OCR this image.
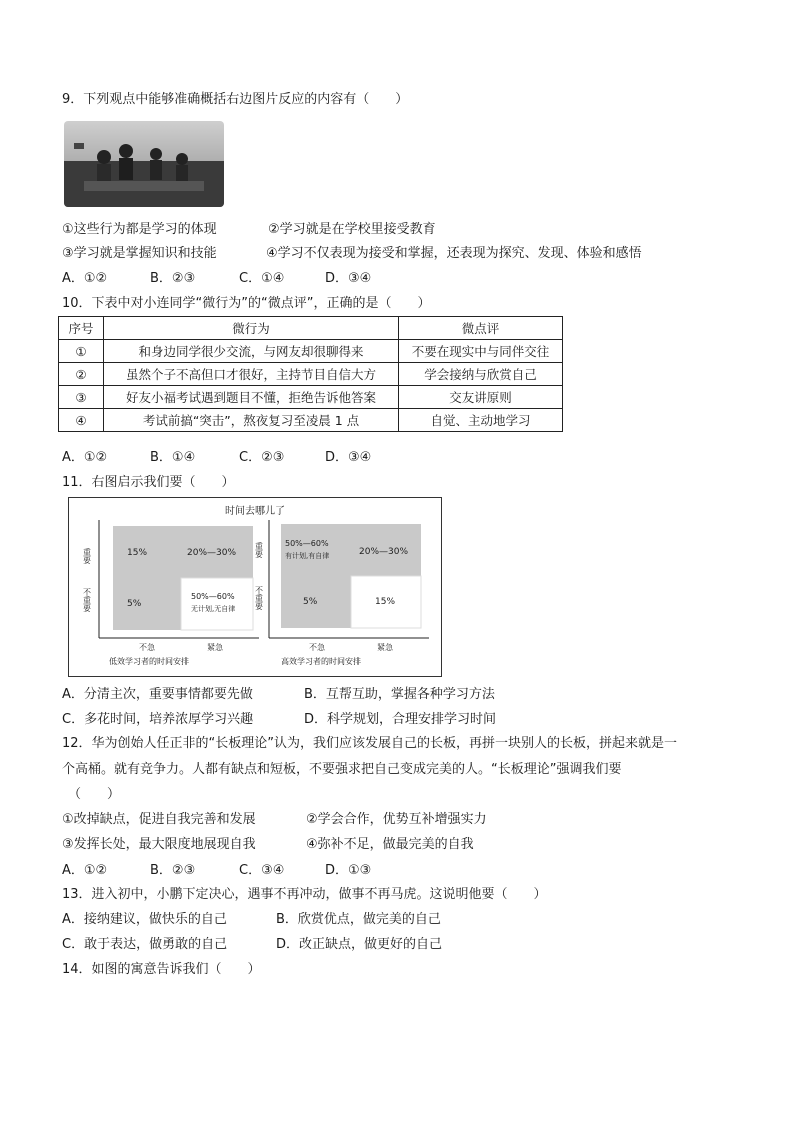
9．下列观点中能够准确概括右边图片反应的内容有（　　）
①这些行为都是学习的体现	②学习就是在学校里接受教育
③学习就是掌握知识和技能	④学习不仅表现为接受和掌握，还表现为探究、发现、体验和感悟
A．①②	B．②③	C．①④	D．③④
10．下表中对小连同学“微行为”的“微点评”，正确的是（　　）
序号	微行为	微点评
①	和身边同学很少交流，与网友却很聊得来	不要在现实中与同伴交往
②	虽然个子不高但口才很好，主持节目自信大方	学会接纳与欣赏自己
③	好友小福考试遇到题目不懂，拒绝告诉他答案	交友讲原则
④	考试前搞“突击”，熬夜复习至凌晨 1 点	自觉、主动地学习
A．①②	B．①④	C．②③	D．③④
11．右图启示我们要（　　）
时间去哪儿了
重要
不重要
15%	20%—30%
5%
50%—60%
无计划,无自律
不急	紧急
低效学习者的时间安排
重要
不重要
50%—60%
有计划,有自律	20%—30%
5%	15%
不急	紧急
高效学习者的时间安排
A．分清主次，重要事情都要先做	B．互帮互助，掌握各种学习方法
C．多花时间，培养浓厚学习兴趣	D．科学规划，合理安排学习时间
12．华为创始人任正非的“长板理论”认为，我们应该发展自己的长板，再拼一块别人的长板，拼起来就是一
个高桶。就有竞争力。人都有缺点和短板，不要强求把自己变成完美的人。“长板理论”强调我们要
（　　）
①改掉缺点，促进自我完善和发展	②学会合作，优势互补增强实力
③发挥长处，最大限度地展现自我	④弥补不足，做最完美的自我
A．①②	B．②③	C．③④	D．①③
13．进入初中，小鹏下定决心，遇事不再冲动，做事不再马虎。这说明他要（　　）
A．接纳建议，做快乐的自己	B．欣赏优点，做完美的自己
C．敢于表达，做勇敢的自己	D．改正缺点，做更好的自己
14．如图的寓意告诉我们（　　）
